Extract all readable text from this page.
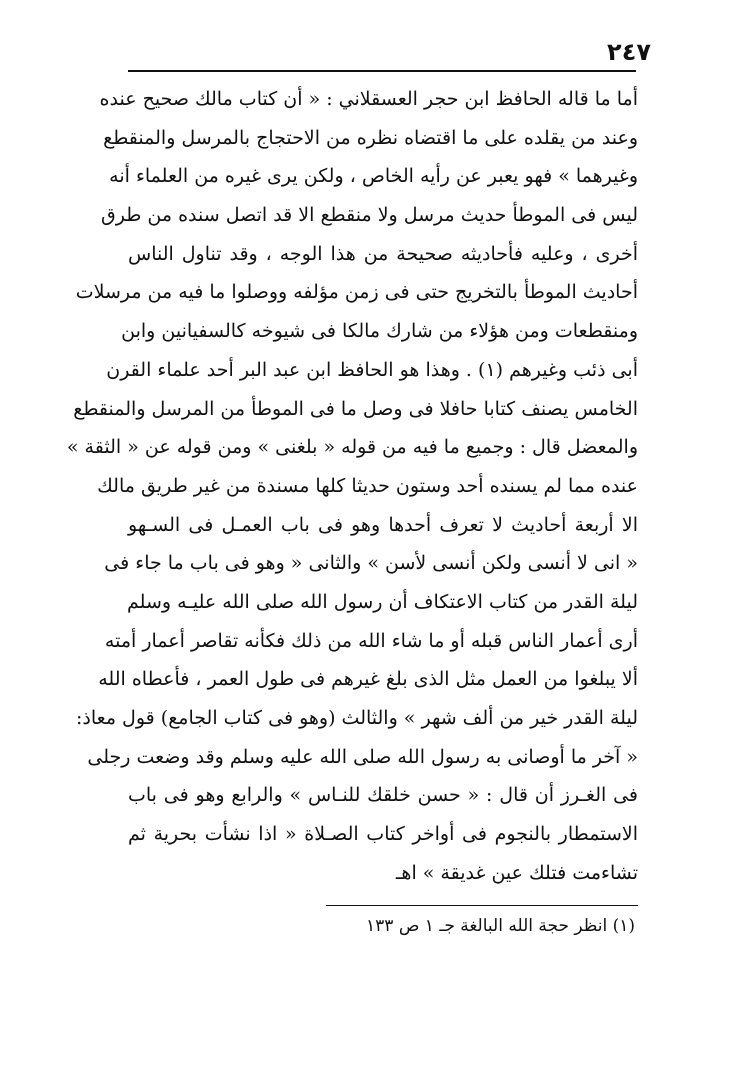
٢٤٧
أما ما قاله الحافظ ابن حجر العسقلاني : « أن كتاب مالك صحيح عنده
وعند من يقلده على ما اقتضاه نظره من الاحتجاج بالمرسل والمنقطع
وغيرهما » فهو يعبر عن رأيه الخاص ، ولكن يرى غيره من العلماء أنه
ليس فى الموطأ حديث مرسل ولا منقطع الا قد اتصل سنده من طرق
أخرى ، وعليه فأحاديثه صحيحة من هذا الوجه ، وقد تناول الناس
أحاديث الموطأ بالتخريج حتى فى زمن مؤلفه ووصلوا ما فيه من مرسلات
ومنقطعات ومن هؤلاء من شارك مالكا فى شيوخه كالسفيانين وابن
أبى ذئب وغيرهم (١) . وهذا هو الحافظ ابن عبد البر أحد علماء القرن
الخامس يصنف كتابا حافلا فى وصل ما فى الموطأ من المرسل والمنقطع
والمعضل قال : وجميع ما فيه من قوله « بلغنى » ومن قوله عن « الثقة »
عنده مما لم يسنده أحد وستون حديثا كلها مسندة من غير طريق مالك
الا أربعة أحاديث لا تعرف أحدها وهو فى باب العمـل فى السـهو
« انى لا أنسى ولكن أنسى لأسن » والثانى « وهو فى باب ما جاء فى
ليلة القدر من كتاب الاعتكاف أن رسول الله صلى الله عليـه وسلم
أرى أعمار الناس قبله أو ما شاء الله من ذلك فكأنه تقاصر أعمار أمته
ألا يبلغوا من العمل مثل الذى بلغ غيرهم فى طول العمر ، فأعطاه الله
ليلة القدر خير من ألف شهر » والثالث (وهو فى كتاب الجامع) قول معاذ:
« آخر ما أوصانى به رسول الله صلى الله عليه وسلم وقد وضعت رجلى
فى الغـرز أن قال : « حسن خلقك للنـاس » والرابع وهو فى باب
الاستمطار بالنجوم فى أواخر كتاب الصـلاة « اذا نشأت بحرية ثم
تشاءمت فتلك عين غديقة » اهـ
(١) انظر حجة الله البالغة جـ ١ ص ١٣٣
